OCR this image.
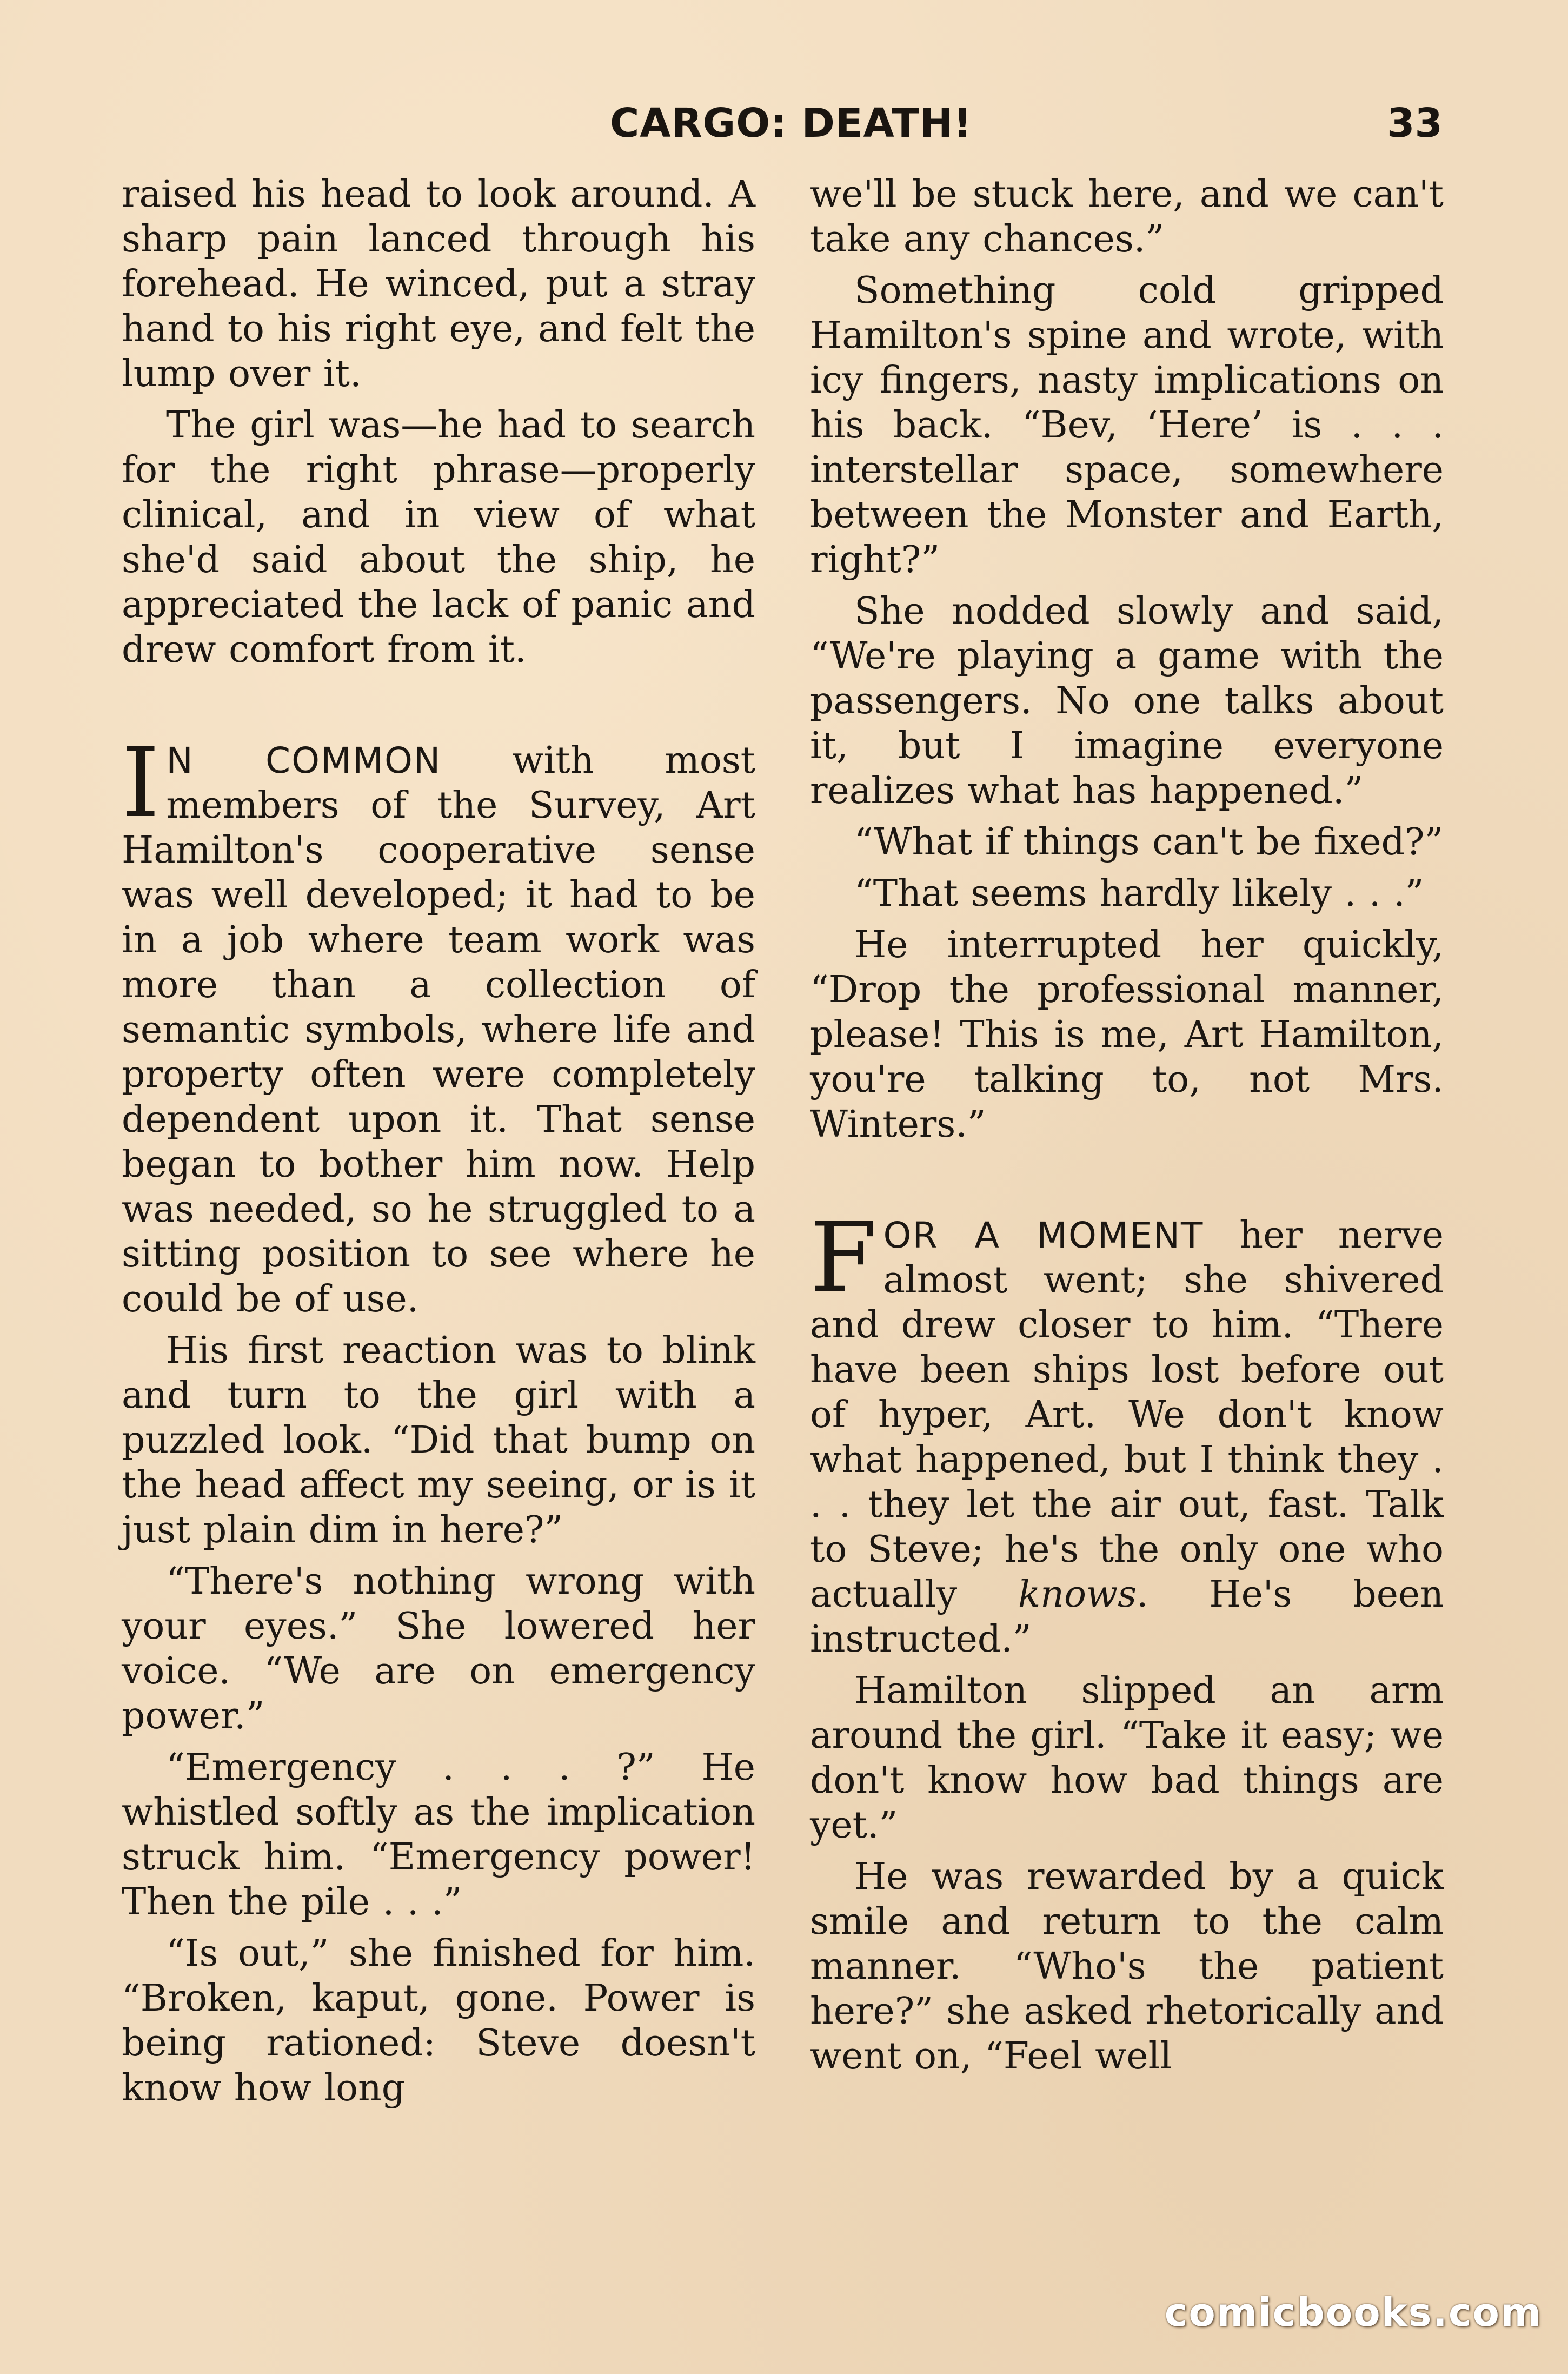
CARGO: DEATH!	33

raised his head to look around. A sharp pain lanced through his forehead. He winced, put a stray hand to his right eye, and felt the lump over it.

The girl was—he had to search for the right phrase—properly clinical, and in view of what she'd said about the ship, he appreciated the lack of panic and drew comfort from it.

I N COMMON with most members of the Survey, Art Hamilton's cooperative sense was well developed; it had to be in a job where team work was more than a collection of semantic symbols, where life and property often were completely dependent upon it. That sense began to bother him now. Help was needed, so he struggled to a sitting position to see where he could be of use.

His first reaction was to blink and turn to the girl with a puzzled look. “Did that bump on the head affect my seeing, or is it just plain dim in here?”

“There's nothing wrong with your eyes.” She lowered her voice. “We are on emergency power.”

“Emergency . . . ?” He whistled softly as the implication struck him. “Emergency power! Then the pile . . .”

“Is out,” she finished for him. “Broken, kaput, gone. Power is being rationed: Steve doesn't know how long

we'll be stuck here, and we can't take any chances.”

Something cold gripped Hamilton's spine and wrote, with icy fingers, nasty implications on his back. “Bev, ‘Here’ is . . . interstellar space, somewhere between the Monster and Earth, right?”

She nodded slowly and said, “We're playing a game with the passengers. No one talks about it, but I imagine everyone realizes what has happened.”

“What if things can't be fixed?”

“That seems hardly likely . . .”

He interrupted her quickly, “Drop the professional manner, please! This is me, Art Hamilton, you're talking to, not Mrs. Winters.”

FOR A MOMENT her nerve almost went; she shivered and drew closer to him. “There have been ships lost before out of hyper, Art. We don't know what happened, but I think they . . . they let the air out, fast. Talk to Steve; he's the only one who actually knows. He's been instructed.”

Hamilton slipped an arm around the girl. “Take it easy; we don't know how bad things are yet.”

He was rewarded by a quick smile and return to the calm manner. “Who's the patient here?” she asked rhetorically and went on, “Feel well

comicbooks.com
